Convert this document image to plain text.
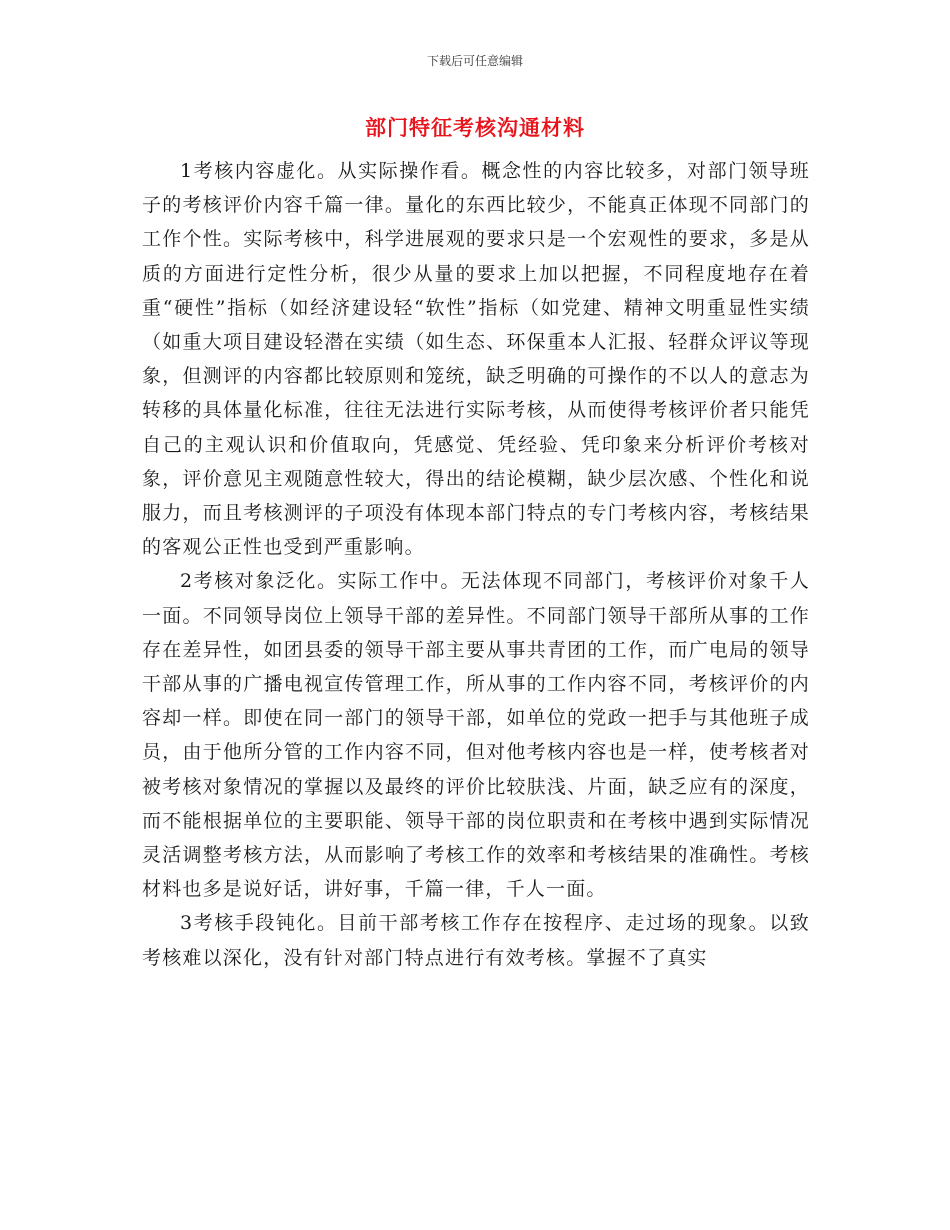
下载后可任意编辑
部门特征考核沟通材料

1考核内容虚化。从实际操作看。概念性的内容比较多，对部门领导班子的考核评价内容千篇一律。量化的东西比较少，不能真正体现不同部门的工作个性。实际考核中，科学进展观的要求只是一个宏观性的要求，多是从质的方面进行定性分析，很少从量的要求上加以把握，不同程度地存在着重“硬性”指标（如经济建设轻“软性”指标（如党建、精神文明重显性实绩（如重大项目建设轻潜在实绩（如生态、环保重本人汇报、轻群众评议等现象，但测评的内容都比较原则和笼统，缺乏明确的可操作的不以人的意志为转移的具体量化标准，往往无法进行实际考核，从而使得考核评价者只能凭自己的主观认识和价值取向，凭感觉、凭经验、凭印象来分析评价考核对象，评价意见主观随意性较大，得出的结论模糊，缺少层次感、个性化和说服力，而且考核测评的子项没有体现本部门特点的专门考核内容，考核结果的客观公正性也受到严重影响。

2考核对象泛化。实际工作中。无法体现不同部门，考核评价对象千人一面。不同领导岗位上领导干部的差异性。不同部门领导干部所从事的工作存在差异性，如团县委的领导干部主要从事共青团的工作，而广电局的领导干部从事的广播电视宣传管理工作，所从事的工作内容不同，考核评价的内容却一样。即使在同一部门的领导干部，如单位的党政一把手与其他班子成员，由于他所分管的工作内容不同，但对他考核内容也是一样，使考核者对被考核对象情况的掌握以及最终的评价比较肤浅、片面，缺乏应有的深度，而不能根据单位的主要职能、领导干部的岗位职责和在考核中遇到实际情况灵活调整考核方法，从而影响了考核工作的效率和考核结果的准确性。考核材料也多是说好话，讲好事，千篇一律，千人一面。

3考核手段钝化。目前干部考核工作存在按程序、走过场的现象。以致考核难以深化，没有针对部门特点进行有效考核。掌握不了真实
